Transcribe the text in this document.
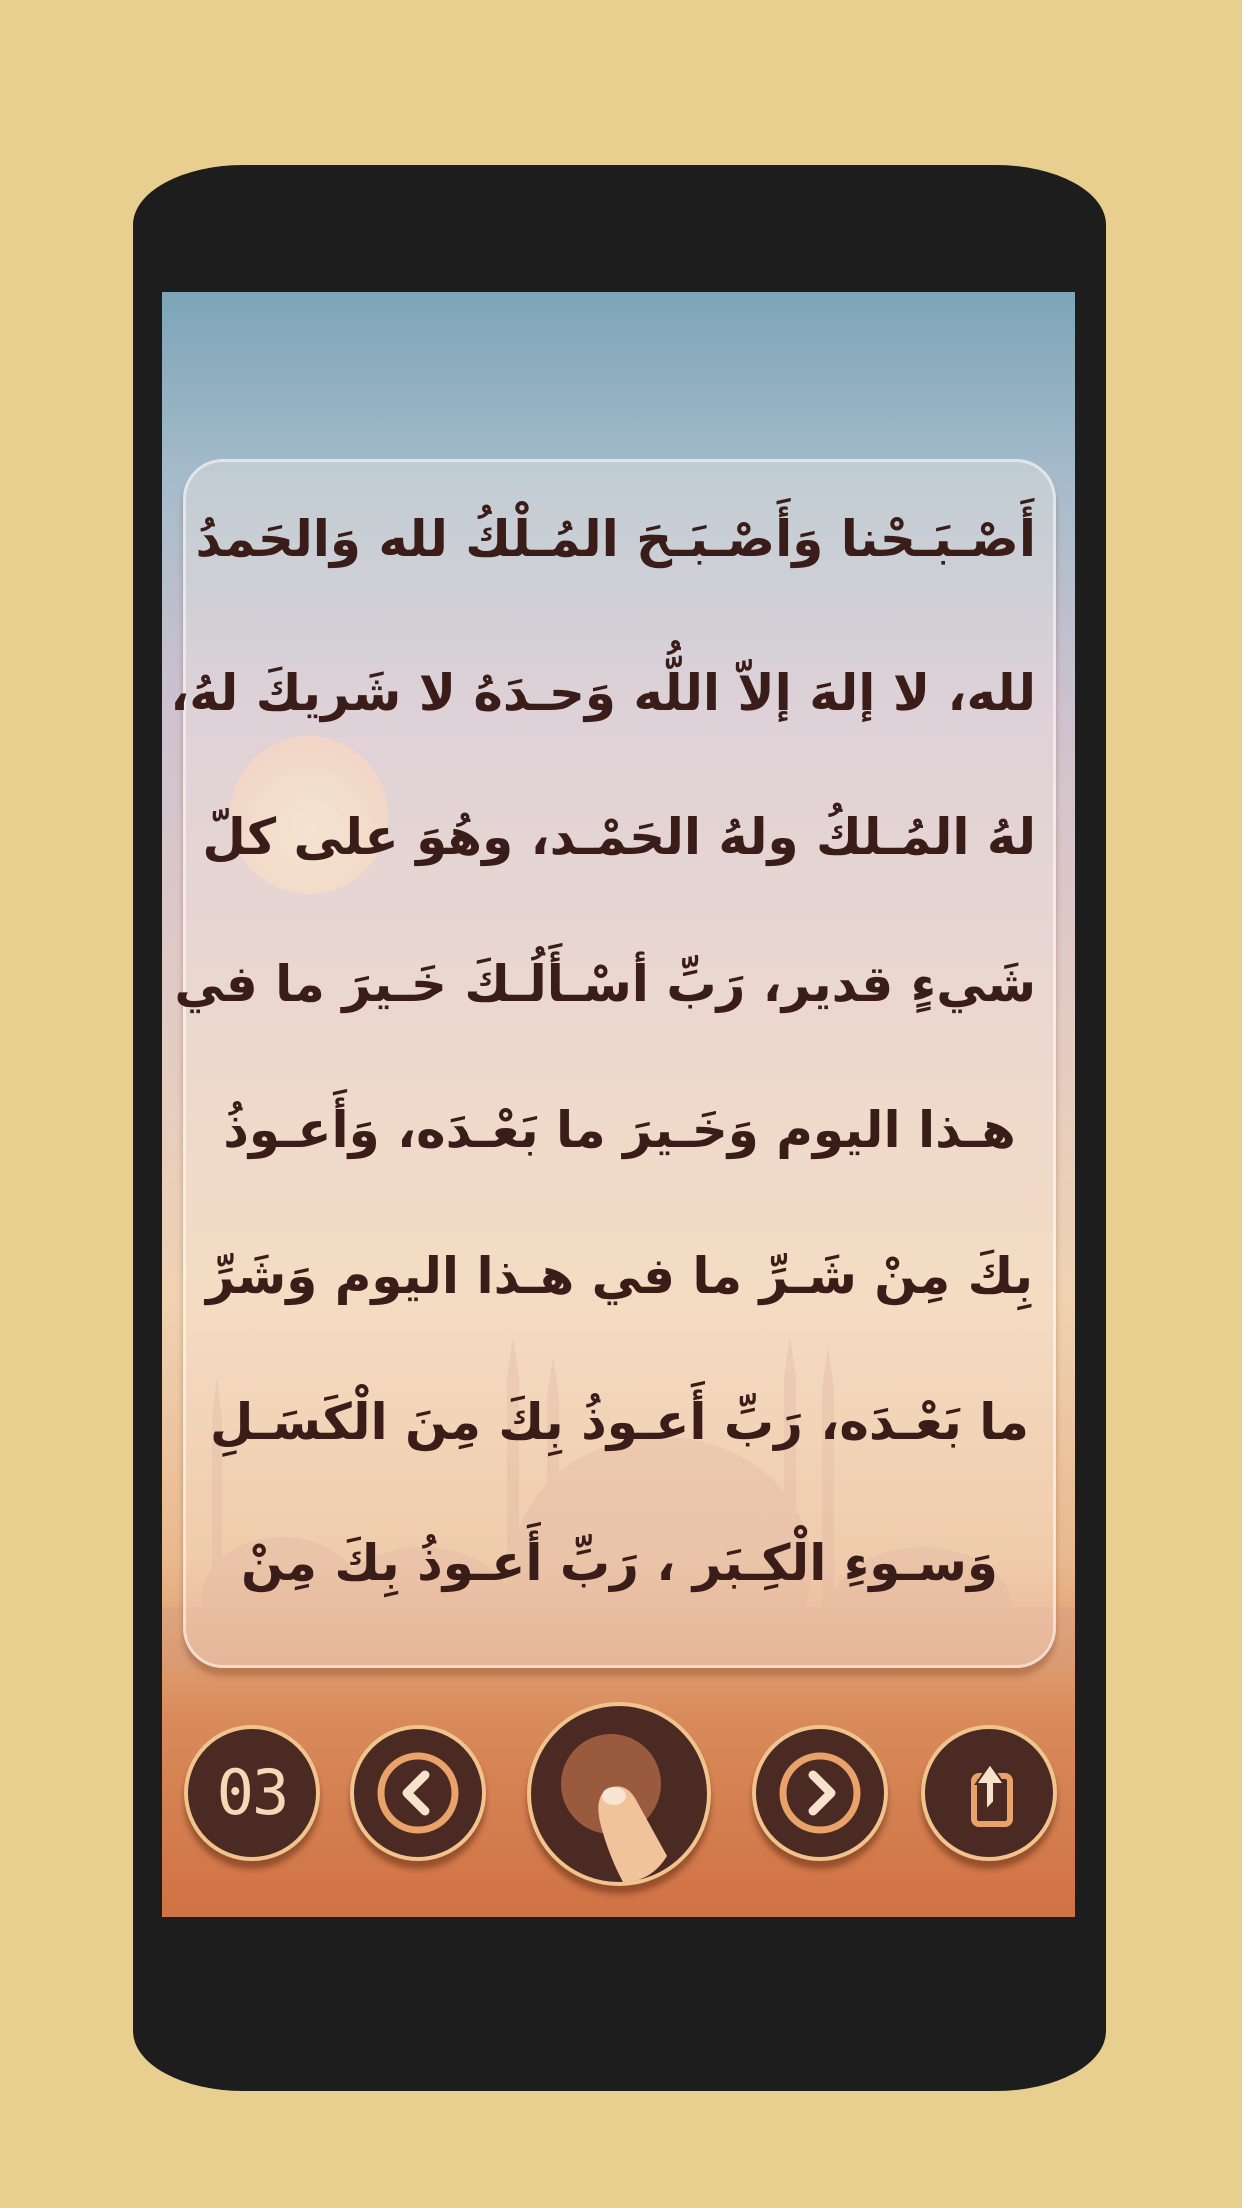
أَصْـبَـحْنا وَأَصْـبَـحَ المُـلْكُ لله وَالحَمدُ
لله، لا إلهَ إلاّ اللُّه وَحـدَهُ لا شَريكَ لهُ،
لهُ المُـلكُ ولهُ الحَمْـد، وهُوَ على كلّ
شَيءٍ قدير، رَبِّ أسْـأَلُـكَ خَـيرَ ما في
هـذا اليوم وَخَـيرَ ما بَعْـدَه، وَأَعـوذُ
بِكَ مِنْ شَـرِّ ما في هـذا اليوم وَشَرِّ
ما بَعْـدَه، رَبِّ أَعـوذُ بِكَ مِنَ الْكَسَـلِ
وَسـوءِ الْكِـبَر ، رَبِّ أَعـوذُ بِكَ مِنْ
03
